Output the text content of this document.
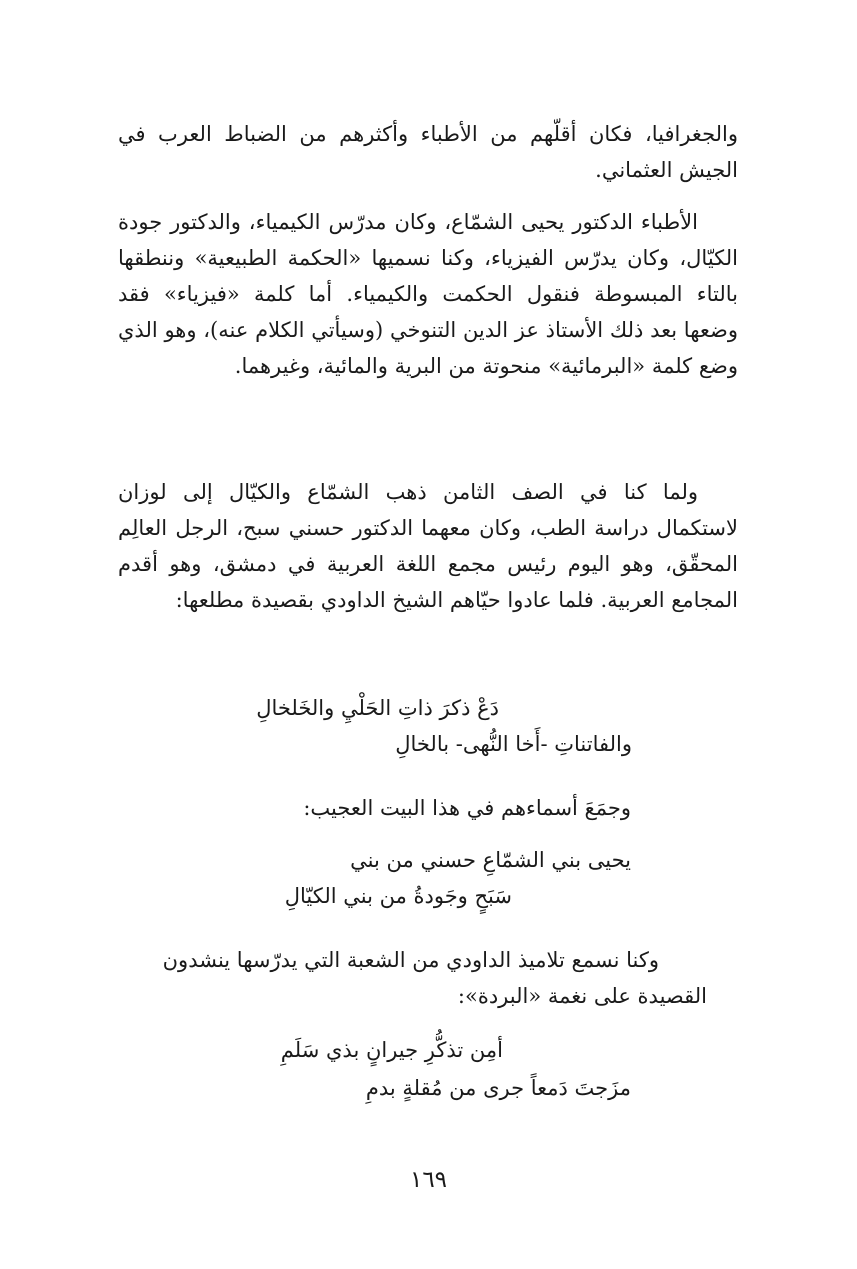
والجغرافيا، فكان أقلّهم من الأطباء وأكثرهم من الضباط العرب في الجيش العثماني.

الأطباء الدكتور يحيى الشمّاع، وكان مدرّس الكيمياء، والدكتور جودة الكيّال، وكان يدرّس الفيزياء، وكنا نسميها «الحكمة الطبيعية» وننطقها بالتاء المبسوطة فنقول الحكمت والكيمياء. أما كلمة «فيزياء» فقد وضعها بعد ذلك الأستاذ عز الدين التنوخي (وسيأتي الكلام عنه)، وهو الذي وضع كلمة «البرمائية» منحوتة من البرية والمائية، وغيرهما.

ولما كنا في الصف الثامن ذهب الشمّاع والكيّال إلى لوزان لاستكمال دراسة الطب، وكان معهما الدكتور حسني سبح، الرجل العالِم المحقّق، وهو اليوم رئيس مجمع اللغة العربية في دمشق، وهو أقدم المجامع العربية. فلما عادوا حيّاهم الشيخ الداودي بقصيدة مطلعها:

دَعْ ذكرَ ذاتِ الحَلْيِ والخَلخالِ
والفاتناتِ -أَخا النُّهى- بالخالِ
وجمَعَ أسماءهم في هذا البيت العجيب:
يحيى بني الشمّاعِ حسني من بني
سَبَحٍ وجَودةُ من بني الكيّالِ
وكنا نسمع تلاميذ الداودي من الشعبة التي يدرّسها ينشدون
القصيدة على نغمة «البردة»:
أمِن تذكُّرِ جيرانٍ بذي سَلَمِ
مزَجتَ دَمعاً جرى من مُقلةٍ بدمِ
١٦٩
